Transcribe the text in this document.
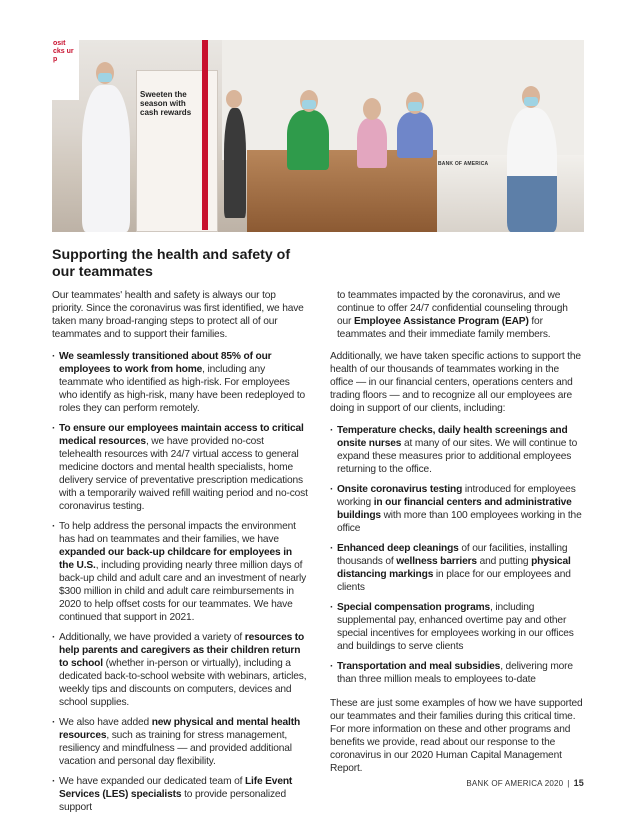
osit cks ur p
Sweeten the season with cash rewards
BANK OF AMERICA
Supporting the health and safety of our teammates

Our teammates' health and safety is always our top priority. Since the coronavirus was first identified, we have taken many broad-ranging steps to protect all of our teammates and to support their families.

· We seamlessly transitioned about 85% of our employees to work from home, including any teammate who identified as high-risk. For employees who identify as high-risk, many have been redeployed to roles they can perform remotely.
· To ensure our employees maintain access to critical medical resources, we have provided no-cost telehealth resources with 24/7 virtual access to general medicine doctors and mental health specialists, home delivery service of preventative prescription medications with a temporarily waived refill waiting period and no-cost coronavirus testing.
· To help address the personal impacts the environment has had on teammates and their families, we have expanded our back-up childcare for employees in the U.S., including providing nearly three million days of back-up child and adult care and an investment of nearly $300 million in child and adult care reimbursements in 2020 to help offset costs for our teammates. We have continued that support in 2021.
· Additionally, we have provided a variety of resources to help parents and caregivers as their children return to school (whether in-person or virtually), including a dedicated back-to-school website with webinars, articles, weekly tips and discounts on computers, devices and school supplies.
· We also have added new physical and mental health resources, such as training for stress management, resiliency and mindfulness — and provided additional vacation and personal day flexibility.
· We have expanded our dedicated team of Life Event Services (LES) specialists to provide personalized support

to teammates impacted by the coronavirus, and we continue to offer 24/7 confidential counseling through our Employee Assistance Program (EAP) for teammates and their immediate family members.

Additionally, we have taken specific actions to support the health of our thousands of teammates working in the office — in our financial centers, operations centers and trading floors — and to recognize all our employees are doing in support of our clients, including:

· Temperature checks, daily health screenings and onsite nurses at many of our sites. We will continue to expand these measures prior to additional employees returning to the office.
· Onsite coronavirus testing introduced for employees working in our financial centers and administrative buildings with more than 100 employees working in the office
· Enhanced deep cleanings of our facilities, installing thousands of wellness barriers and putting physical distancing markings in place for our employees and clients
· Special compensation programs, including supplemental pay, enhanced overtime pay and other special incentives for employees working in our offices and buildings to serve clients
· Transportation and meal subsidies, delivering more than three million meals to employees to-date

These are just some examples of how we have supported our teammates and their families during this critical time. For more information on these and other programs and benefits we provide, read about our response to the coronavirus in our 2020 Human Capital Management Report.

BANK OF AMERICA 2020 | 15
